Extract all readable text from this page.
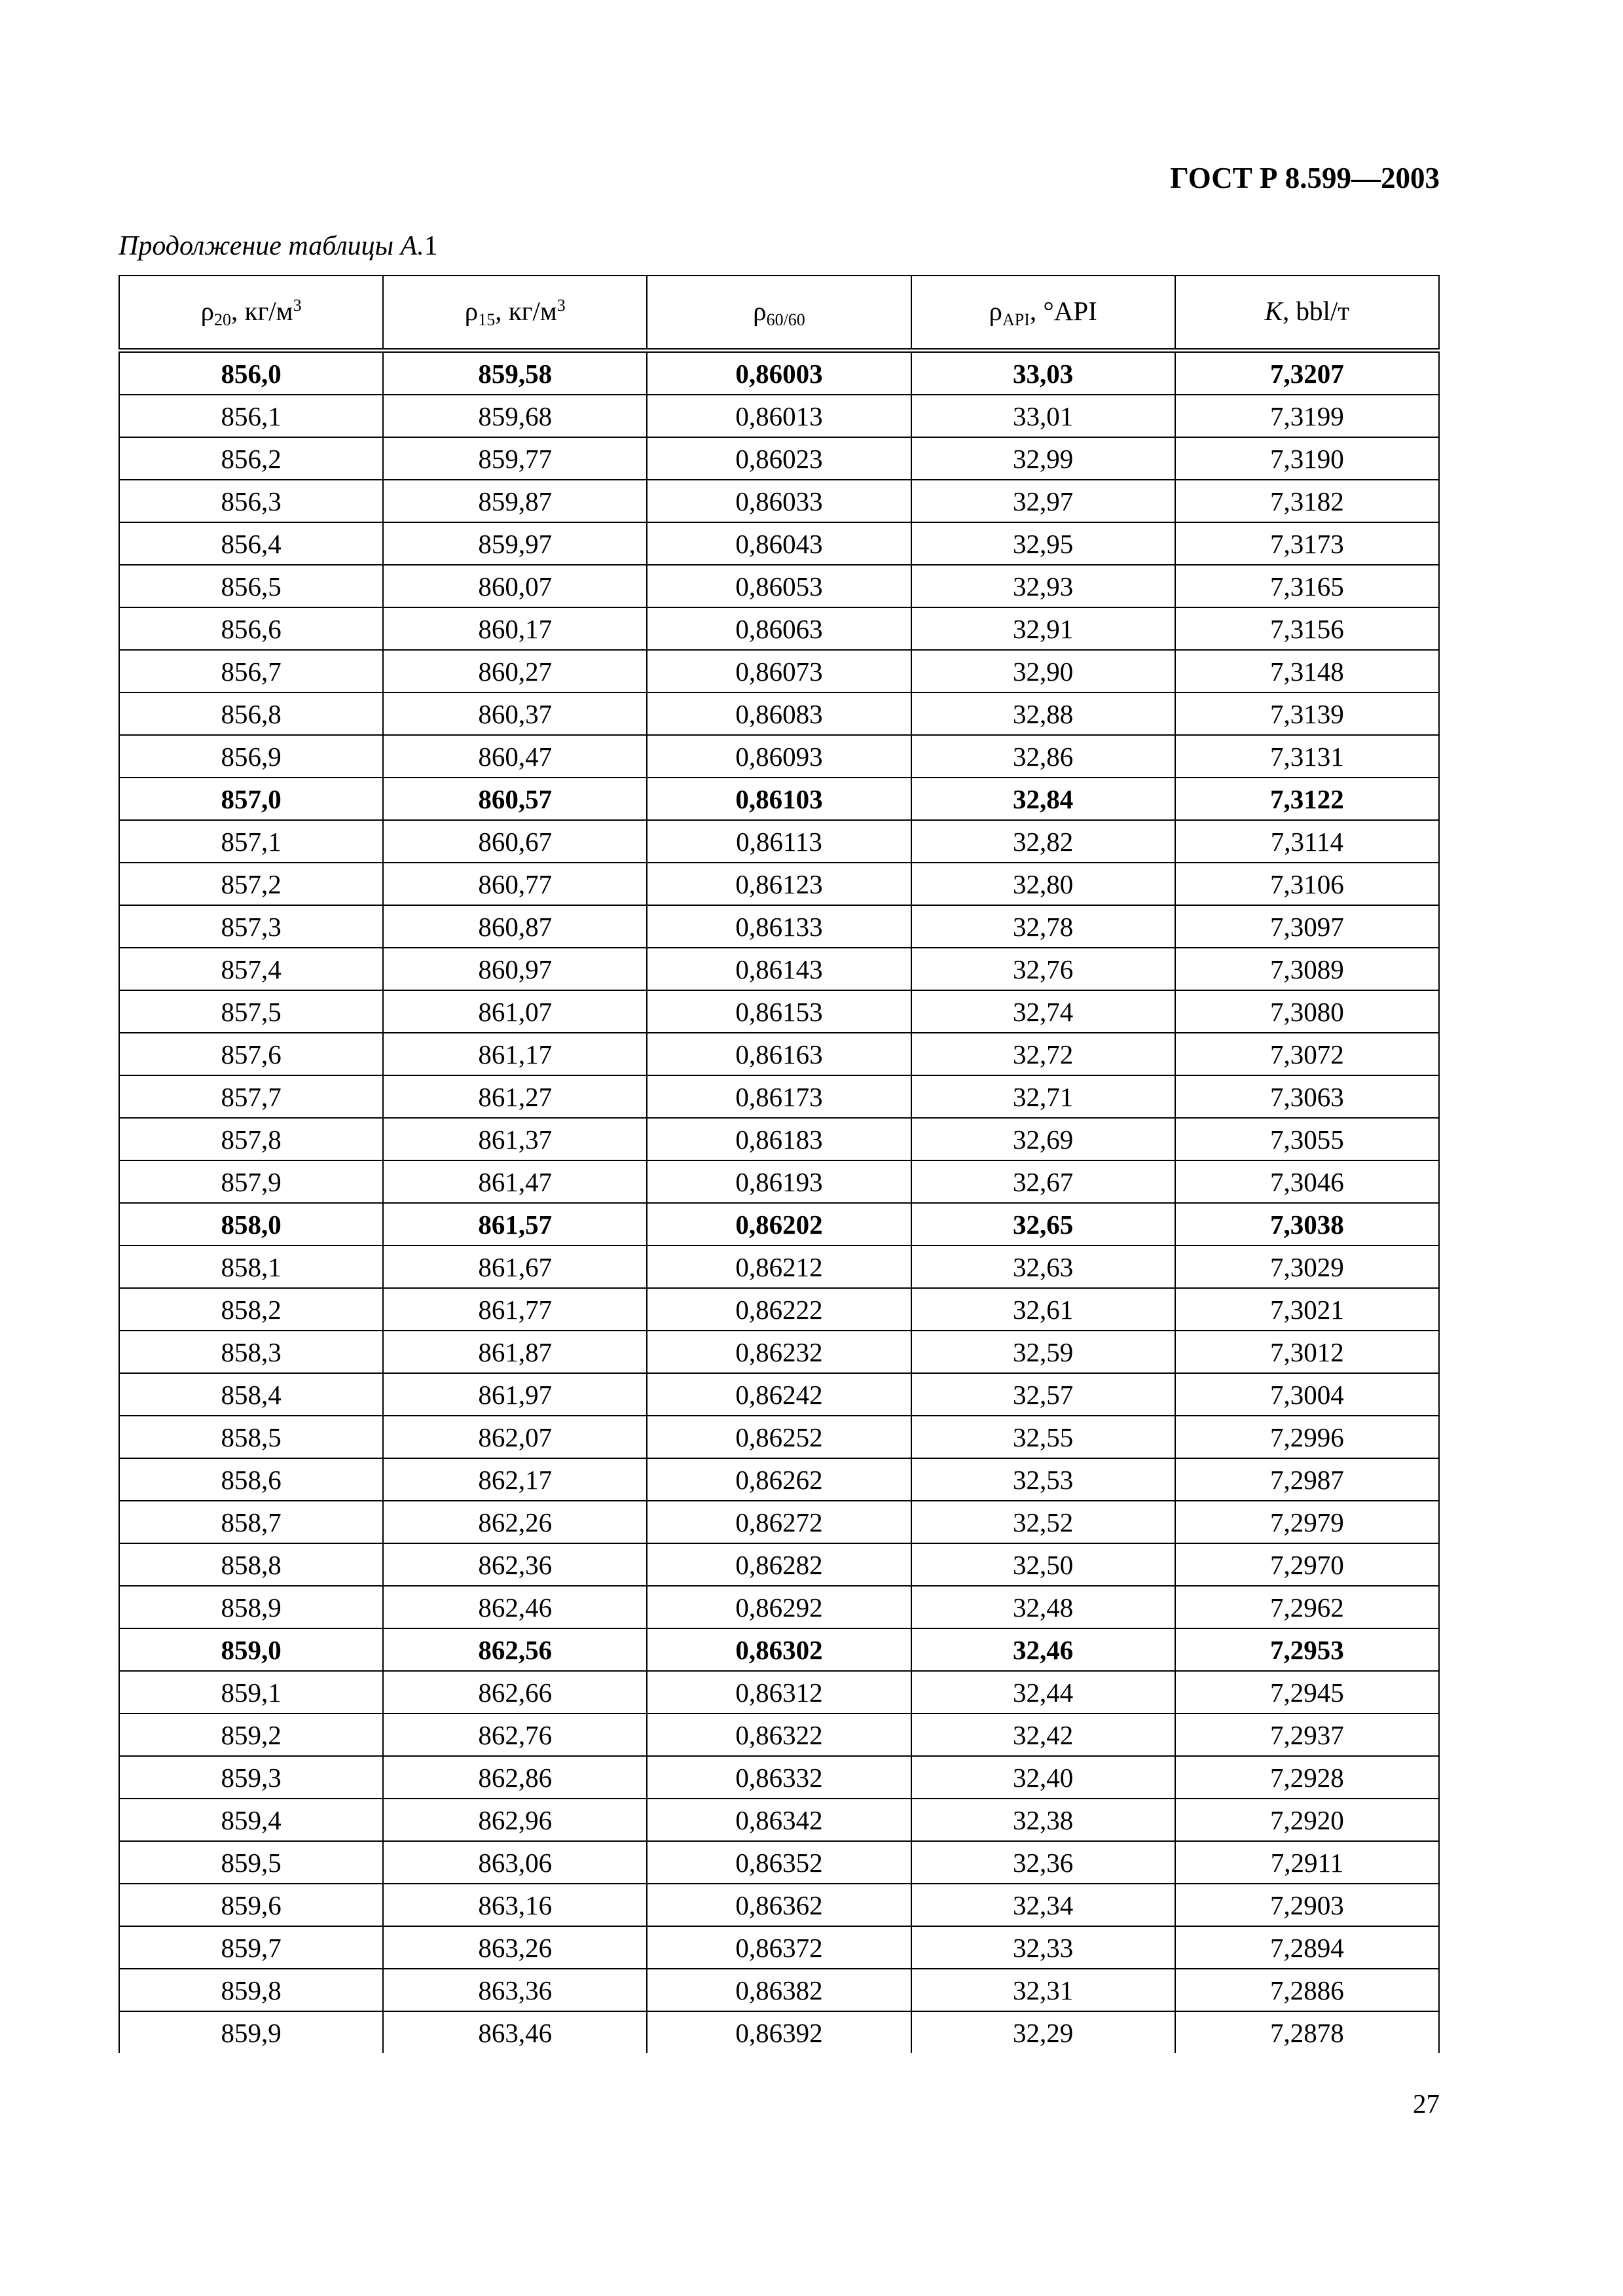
ГОСТ Р 8.599—2003
Продолжение таблицы А.1
$\rho_{20}$, $кг/м^3$	$\rho_{15}$, $кг/м^3$	$\rho_{60/60}$	$\rho_{API}$, °API	K, bbl/т
856,0	859,58	0,86003	33,03	7,3207
856,1	859,68	0,86013	33,01	7,3199
856,2	859,77	0,86023	32,99	7,3190
856,3	859,87	0,86033	32,97	7,3182
856,4	859,97	0,86043	32,95	7,3173
856,5	860,07	0,86053	32,93	7,3165
856,6	860,17	0,86063	32,91	7,3156
856,7	860,27	0,86073	32,90	7,3148
856,8	860,37	0,86083	32,88	7,3139
856,9	860,47	0,86093	32,86	7,3131
857,0	860,57	0,86103	32,84	7,3122
857,1	860,67	0,86113	32,82	7,3114
857,2	860,77	0,86123	32,80	7,3106
857,3	860,87	0,86133	32,78	7,3097
857,4	860,97	0,86143	32,76	7,3089
857,5	861,07	0,86153	32,74	7,3080
857,6	861,17	0,86163	32,72	7,3072
857,7	861,27	0,86173	32,71	7,3063
857,8	861,37	0,86183	32,69	7,3055
857,9	861,47	0,86193	32,67	7,3046
858,0	861,57	0,86202	32,65	7,3038
858,1	861,67	0,86212	32,63	7,3029
858,2	861,77	0,86222	32,61	7,3021
858,3	861,87	0,86232	32,59	7,3012
858,4	861,97	0,86242	32,57	7,3004
858,5	862,07	0,86252	32,55	7,2996
858,6	862,17	0,86262	32,53	7,2987
858,7	862,26	0,86272	32,52	7,2979
858,8	862,36	0,86282	32,50	7,2970
858,9	862,46	0,86292	32,48	7,2962
859,0	862,56	0,86302	32,46	7,2953
859,1	862,66	0,86312	32,44	7,2945
859,2	862,76	0,86322	32,42	7,2937
859,3	862,86	0,86332	32,40	7,2928
859,4	862,96	0,86342	32,38	7,2920
859,5	863,06	0,86352	32,36	7,2911
859,6	863,16	0,86362	32,34	7,2903
859,7	863,26	0,86372	32,33	7,2894
859,8	863,36	0,86382	32,31	7,2886
859,9	863,46	0,86392	32,29	7,2878
27
